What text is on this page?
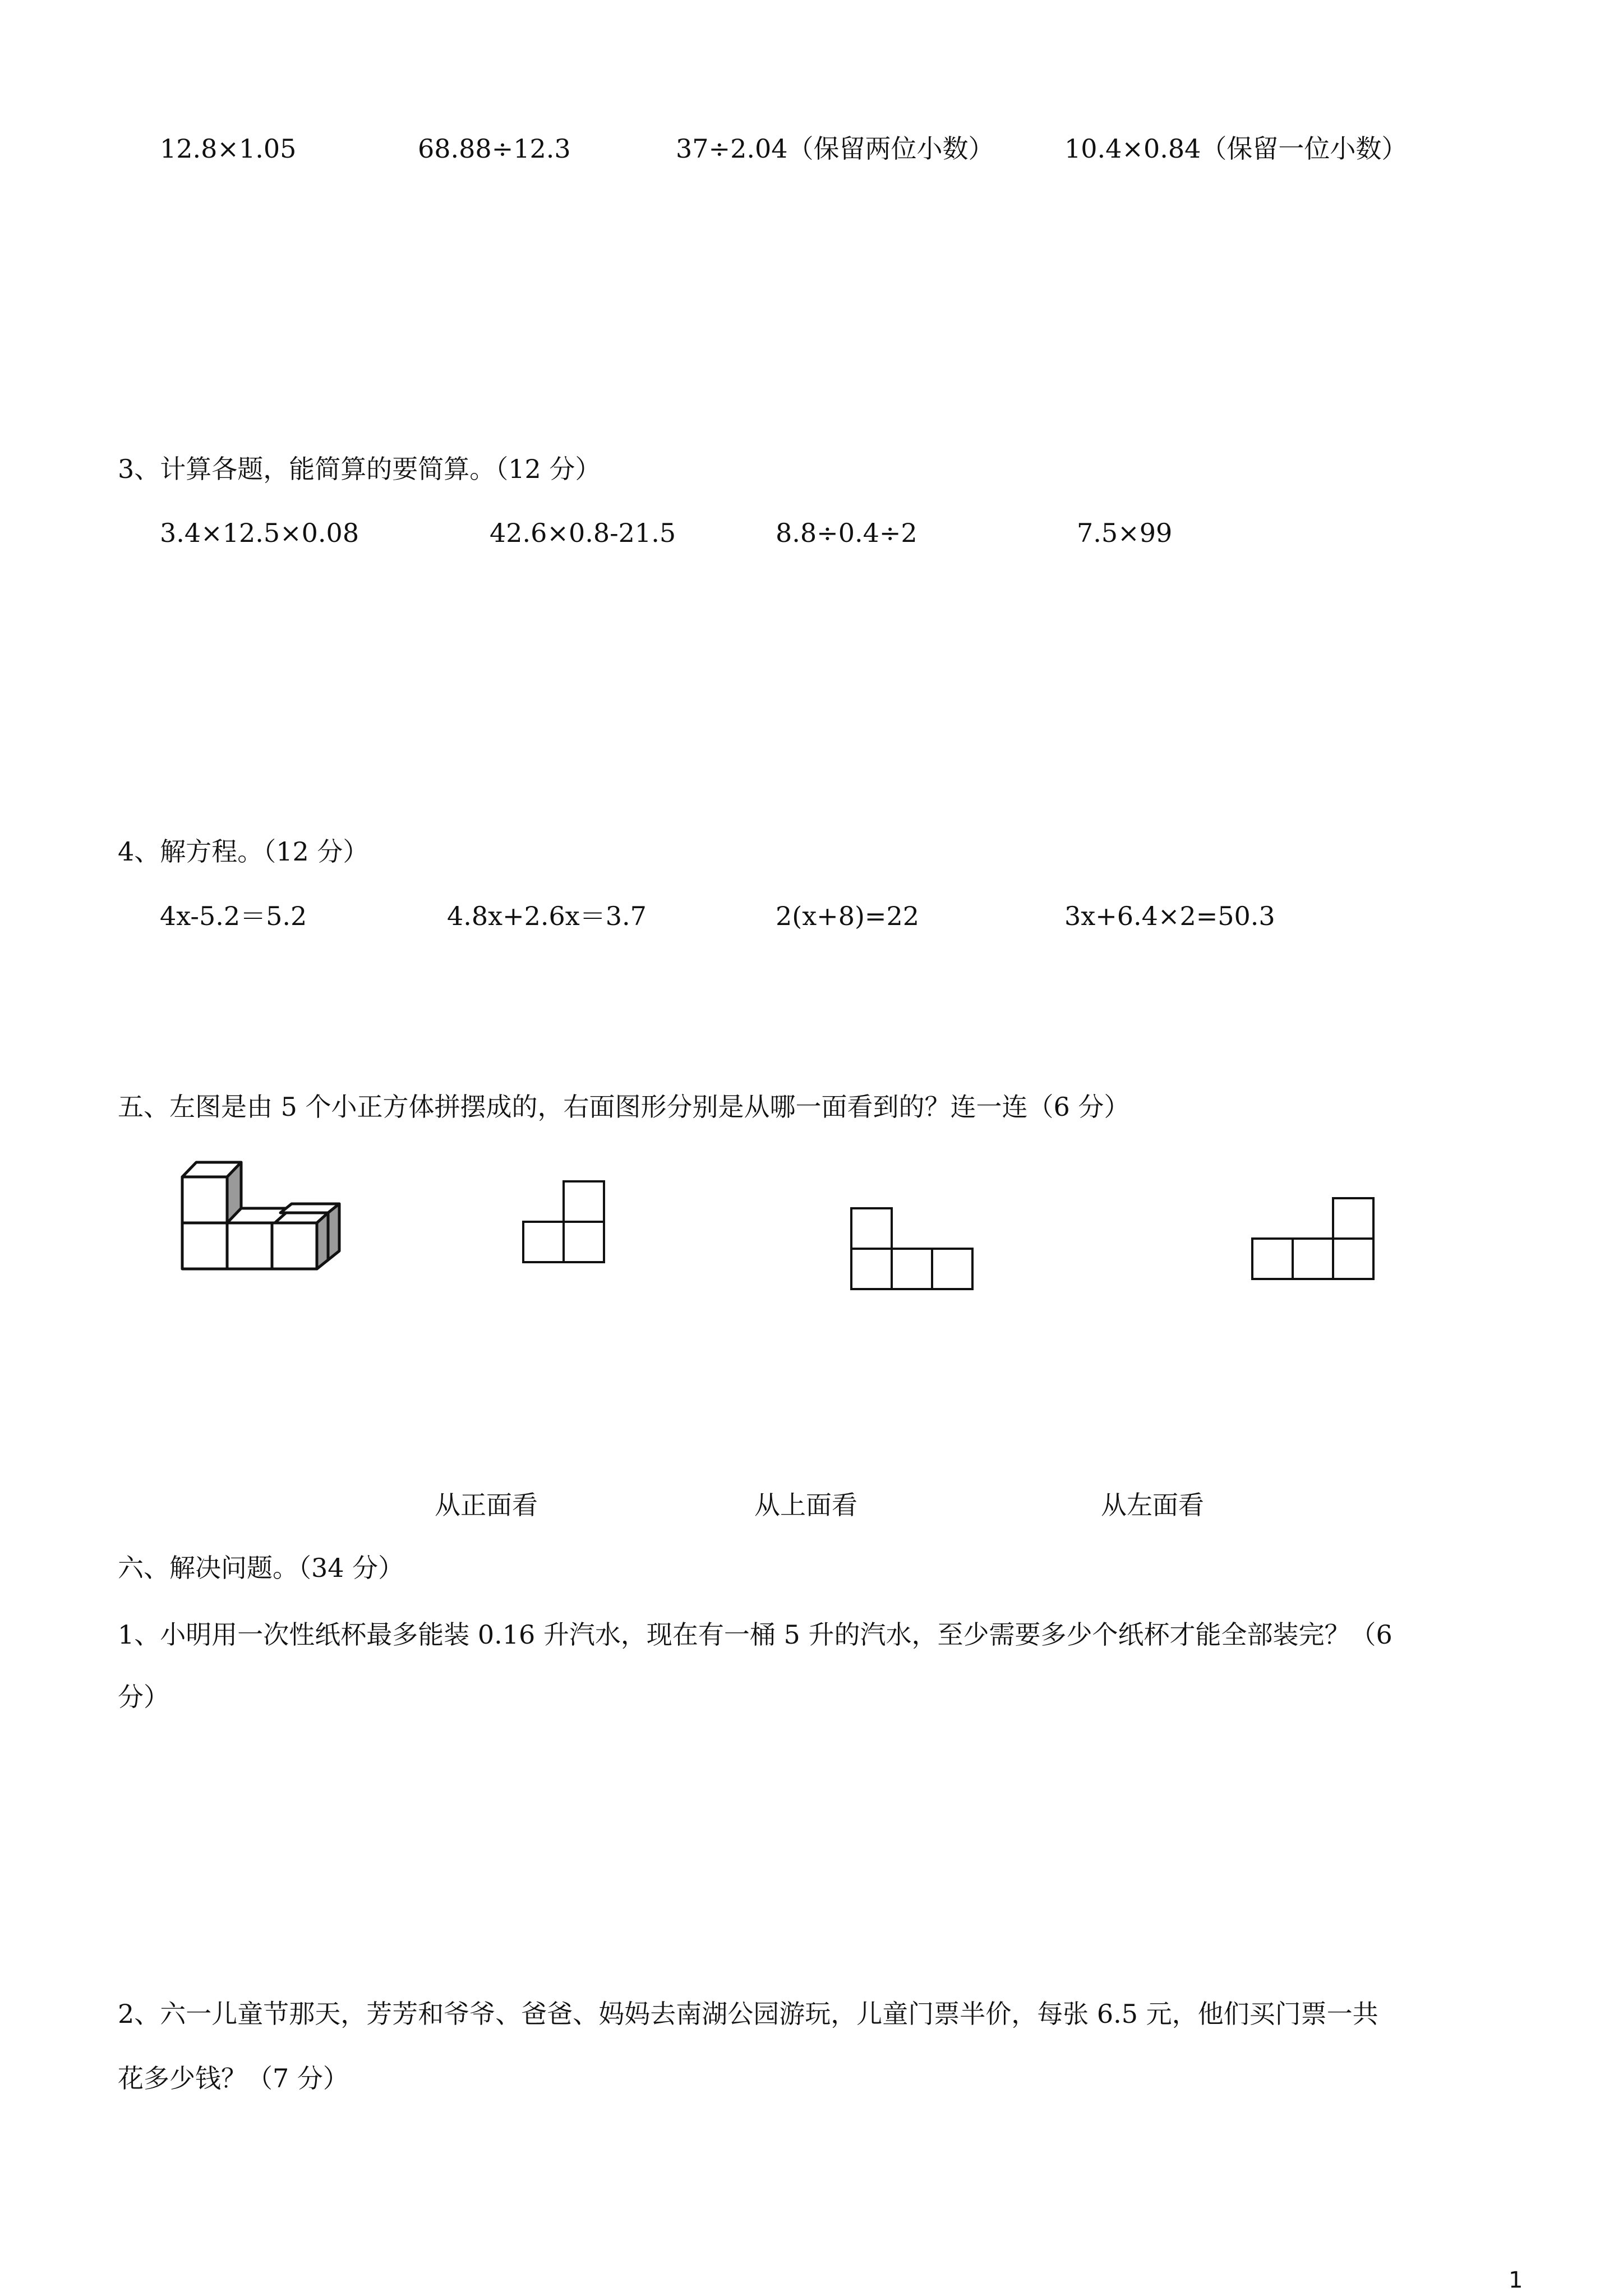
12.8×1.05	68.88÷12.3	37÷2.04（保留两位小数）	10.4×0.84（保留一位小数）
3、计算各题，能简算的要简算。（12 分）
3.4×12.5×0.08	42.6×0.8-21.5	8.8÷0.4÷2	7.5×99
4、解方程。（12 分）
4x-5.2＝5.2	4.8x+2.6x＝3.7	2(x+8)=22	3x+6.4×2=50.3
五、左图是由 5 个小正方体拼摆成的，右面图形分别是从哪一面看到的？连一连（6 分）
从正面看	从上面看	从左面看
六、解决问题。（34 分）
1、小明用一次性纸杯最多能装 0.16 升汽水，现在有一桶 5 升的汽水，至少需要多少个纸杯才能全部装完？（6
分）
2、六一儿童节那天，芳芳和爷爷、爸爸、妈妈去南湖公园游玩，儿童门票半价，每张 6.5 元，他们买门票一共
花多少钱？（7 分）
1
